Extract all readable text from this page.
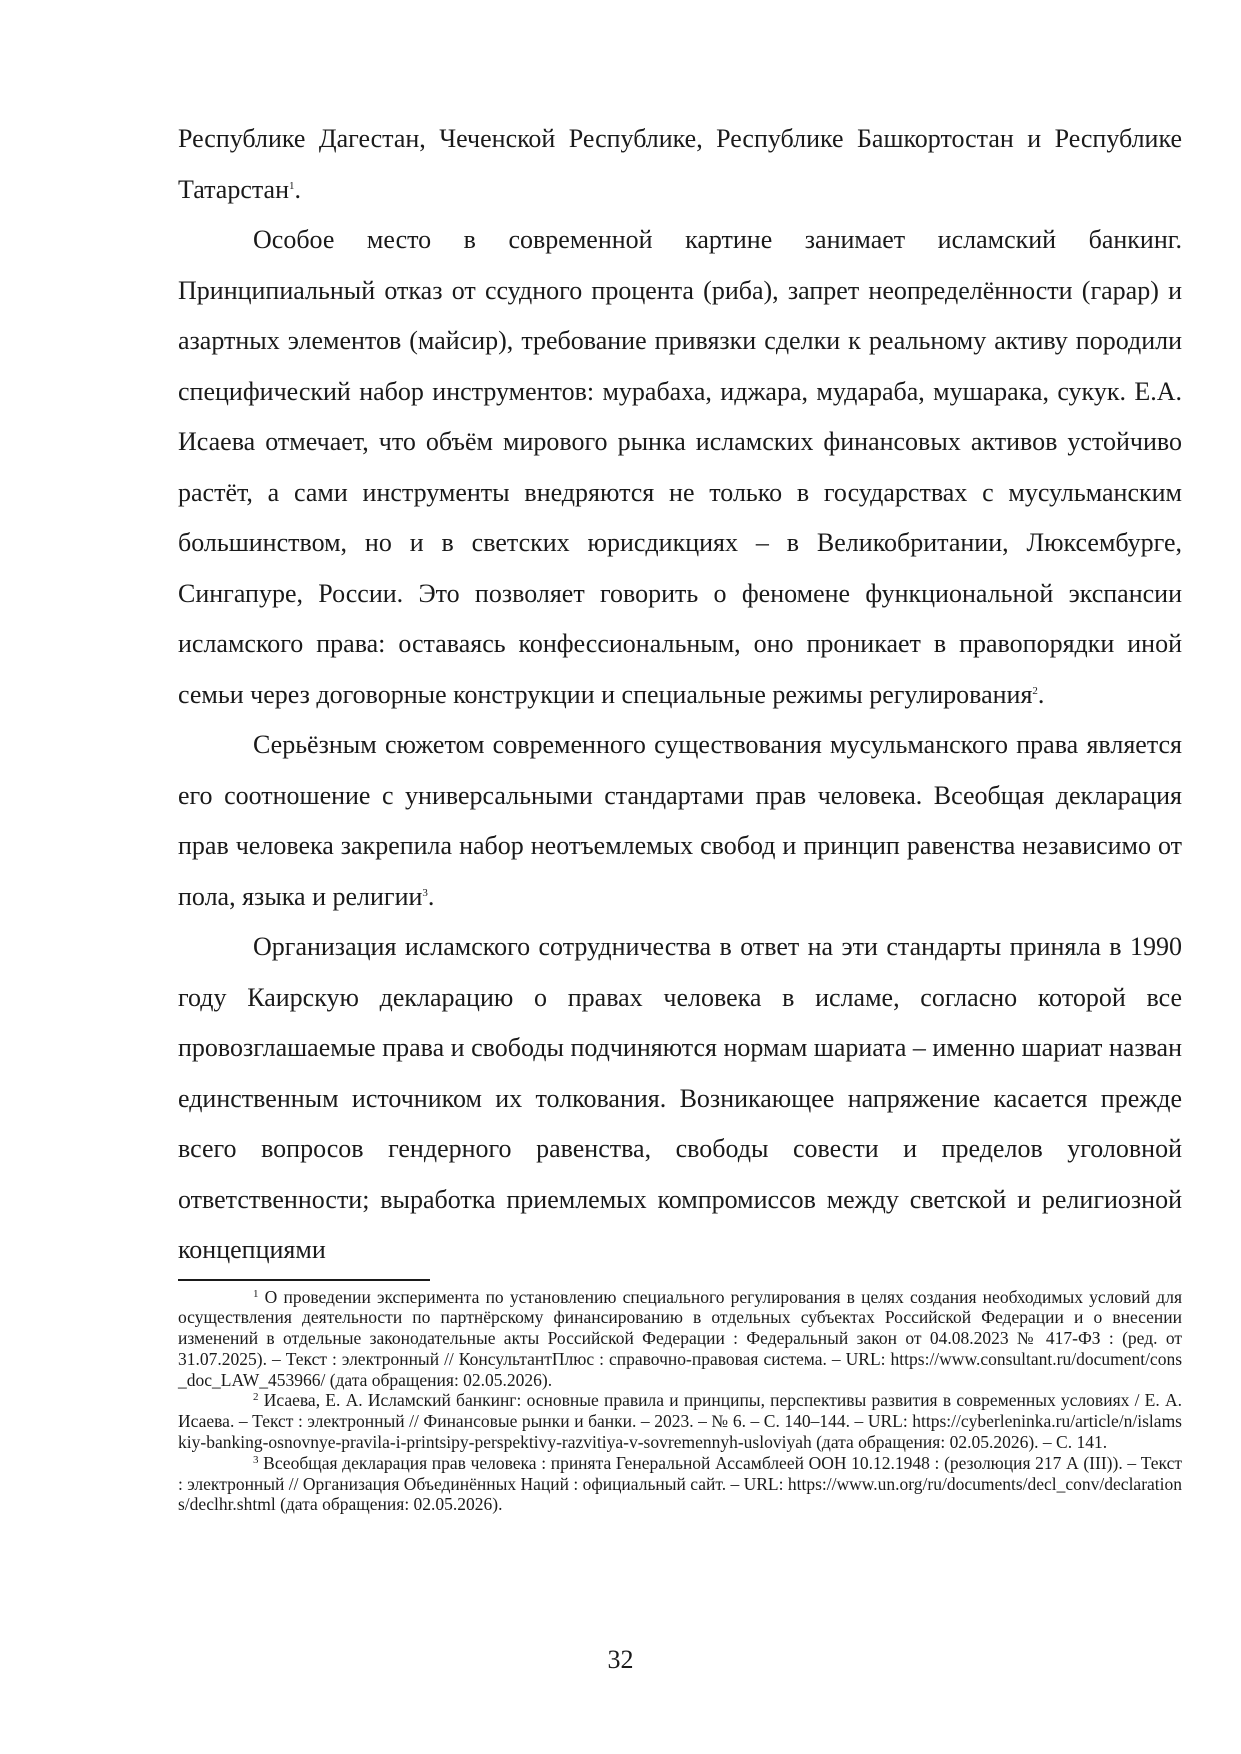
Республике Дагестан, Чеченской Республике, Республике Башкортостан и Республике Татарстан$^1$.

Особое место в современной картине занимает исламский банкинг. Принципиальный отказ от ссудного процента (риба), запрет неопределённости (гарар) и азартных элементов (майсир), требование привязки сделки к реальному активу породили специфический набор инструментов: мурабаха, иджара, мудараба, мушарака, сукук. Е.А. Исаева отмечает, что объём мирового рынка исламских финансовых активов устойчиво растёт, а сами инструменты внедряются не только в государствах с мусульманским большинством, но и в светских юрисдикциях – в Великобритании, Люксембурге, Сингапуре, России. Это позволяет говорить о феномене функциональной экспансии исламского права: оставаясь конфессиональным, оно проникает в правопорядки иной семьи через договорные конструкции и специальные режимы регулирования$^2$.

Серьёзным сюжетом современного существования мусульманского права является его соотношение с универсальными стандартами прав человека. Всеобщая декларация прав человека закрепила набор неотъемлемых свобод и принцип равенства независимо от пола, языка и религии$^3$.

Организация исламского сотрудничества в ответ на эти стандарты приняла в 1990 году Каирскую декларацию о правах человека в исламе, согласно которой все провозглашаемые права и свободы подчиняются нормам шариата – именно шариат назван единственным источником их толкования. Возникающее напряжение касается прежде всего вопросов гендерного равенства, свободы совести и пределов уголовной ответственности; выработка приемлемых компромиссов между светской и религиозной концепциями

$^1$ О проведении эксперимента по установлению специального регулирования в целях создания необходимых условий для осуществления деятельности по партнёрскому финансированию в отдельных субъектах Российской Федерации и о внесении изменений в отдельные законодательные акты Российской Федерации : Федеральный закон от 04.08.2023 № 417-ФЗ : (ред. от 31.07.2025). – Текст : электронный // КонсультантПлюс : справочно-правовая система. – URL: https://www.consultant.ru/document/cons_doc_LAW_453966/ (дата обращения: 02.05.2026).

$^2$ Исаева, Е. А. Исламский банкинг: основные правила и принципы, перспективы развития в современных условиях / Е. А. Исаева. – Текст : электронный // Финансовые рынки и банки. – 2023. – № 6. – С. 140–144. – URL: https://cyberleninka.ru/article/n/islamskiy-banking-osnovnye-pravila-i-printsipy-perspektivy-razvitiya-v-sovremennyh-usloviyah (дата обращения: 02.05.2026). – С. 141.

$^3$ Всеобщая декларация прав человека : принята Генеральной Ассамблеей ООН 10.12.1948 : (резолюция 217 А (III)). – Текст : электронный // Организация Объединённых Наций : официальный сайт. – URL: https://www.un.org/ru/documents/decl_conv/declarations/declhr.shtml (дата обращения: 02.05.2026).

32
